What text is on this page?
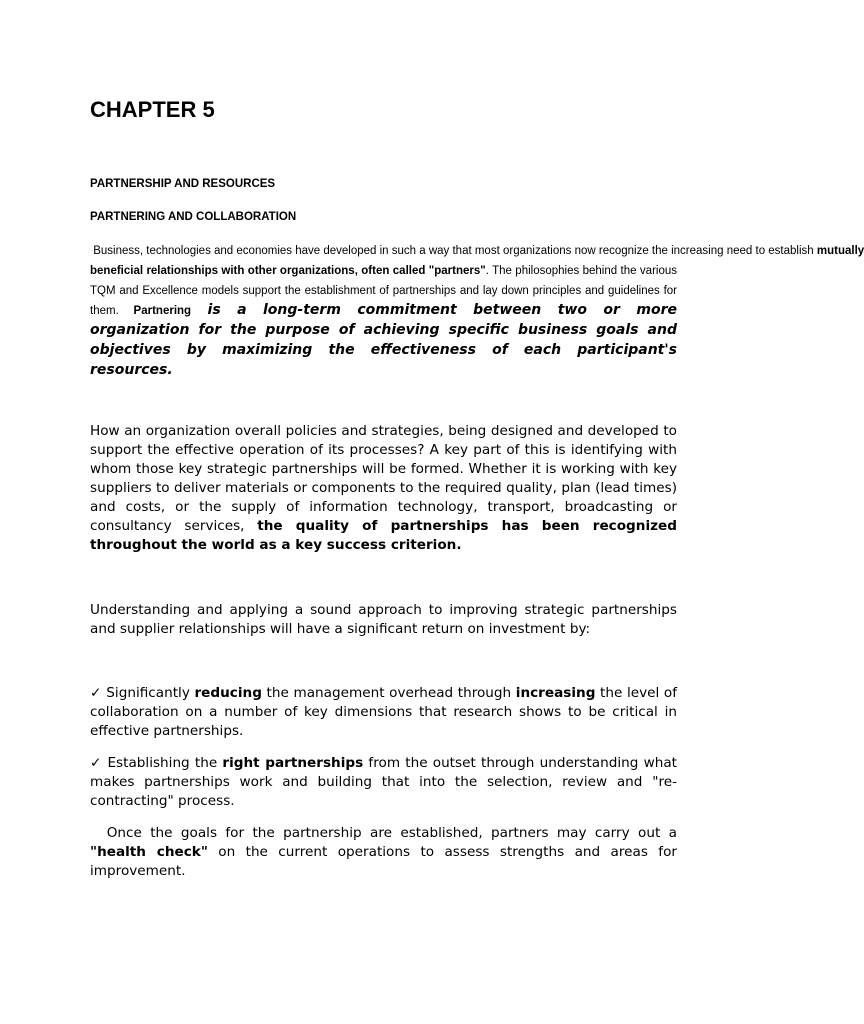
CHAPTER 5
PARTNERSHIP AND RESOURCES
PARTNERING AND COLLABORATION

Business, technologies and economies have developed in such a way that most organizations now recognize the increasing need to establish mutually beneficial relationships with other organizations, often called "partners". The philosophies behind the various TQM and Excellence models support the establishment of partnerships and lay down principles and guidelines for them. Partnering is a long-term commitment between two or more organization for the purpose of achieving specific business goals and objectives by maximizing the effectiveness of each participant's resources.

How an organization overall policies and strategies, being designed and developed to support the effective operation of its processes? A key part of this is identifying with whom those key strategic partnerships will be formed. Whether it is working with key suppliers to deliver materials or components to the required quality, plan (lead times) and costs, or the supply of information technology, transport, broadcasting or consultancy services, the quality of partnerships has been recognized throughout the world as a key success criterion.

Understanding and applying a sound approach to improving strategic partnerships and supplier relationships will have a significant return on investment by:

✓ Significantly reducing the management overhead through increasing the level of collaboration on a number of key dimensions that research shows to be critical in effective partnerships.

✓ Establishing the right partnerships from the outset through understanding what makes partnerships work and building that into the selection, review and "re-contracting" process.

Once the goals for the partnership are established, partners may carry out a "health check" on the current operations to assess strengths and areas for improvement.
